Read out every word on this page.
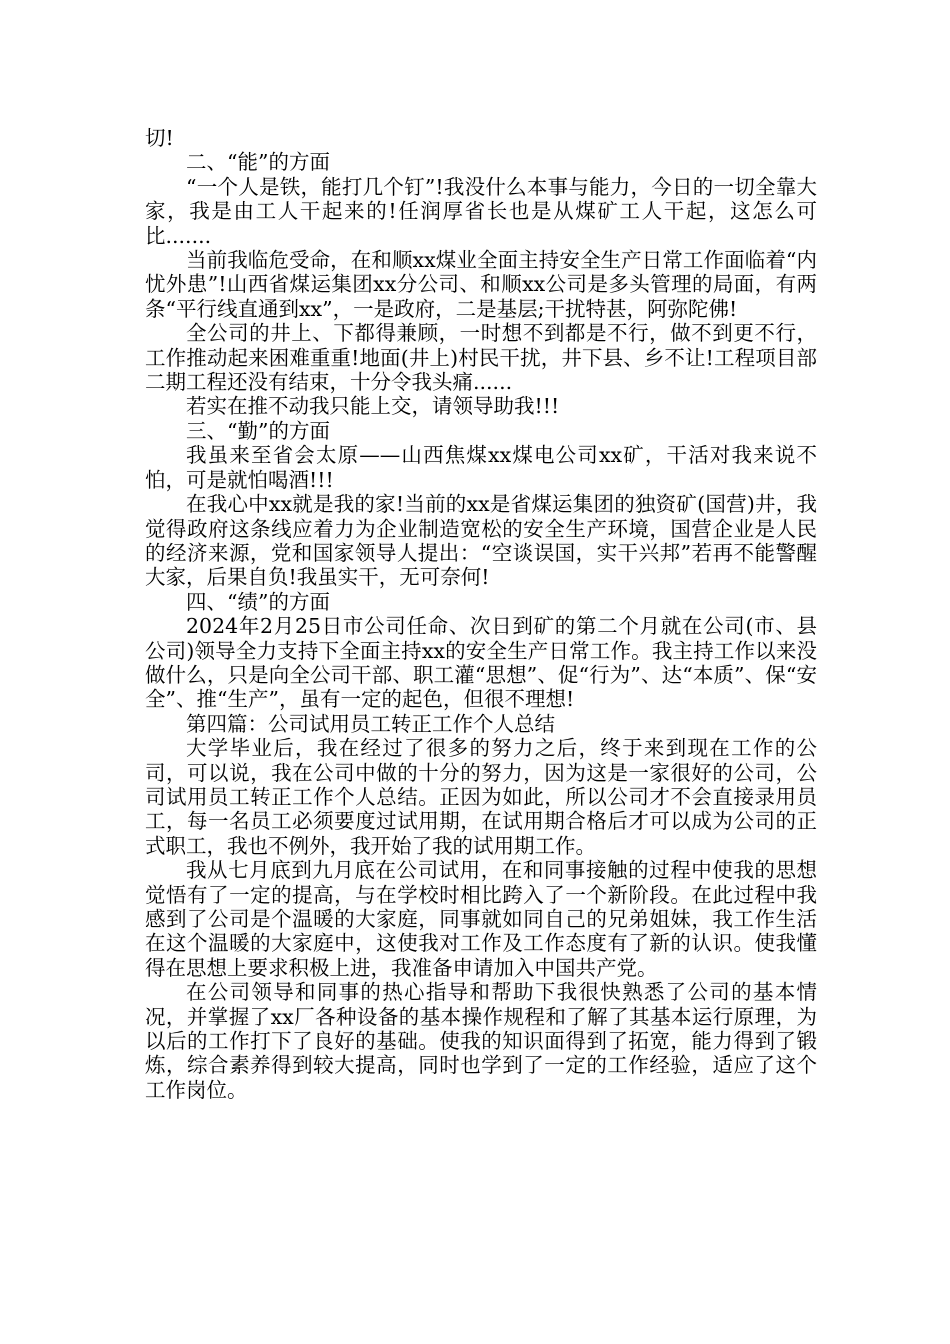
切!

二、“能”的方面

“一个人是铁，能打几个钉”!我没什么本事与能力，今日的一切全靠大家，我是由工人干起来的!任润厚省长也是从煤矿工人干起，这怎么可比.......

当前我临危受命，在和顺xx煤业全面主持安全生产日常工作面临着“内忧外患”!山西省煤运集团xx分公司、和顺xx公司是多头管理的局面，有两条“平行线直通到xx”，一是政府，二是基层;干扰特甚，阿弥陀佛!

全公司的井上、下都得兼顾，一时想不到都是不行，做不到更不行，工作推动起来困难重重!地面(井上)村民干扰，井下县、乡不让!工程项目部二期工程还没有结束，十分令我头痛......

若实在推不动我只能上交，请领导助我!!!

三、“勤”的方面

我虽来至省会太原——山西焦煤xx煤电公司xx矿，干活对我来说不怕，可是就怕喝酒!!!

在我心中xx就是我的家!当前的xx是省煤运集团的独资矿(国营)井，我觉得政府这条线应着力为企业制造宽松的安全生产环境，国营企业是人民的经济来源，党和国家领导人提出：“空谈误国，实干兴邦”若再不能警醒大家，后果自负!我虽实干，无可奈何!

四、“绩”的方面

2024年2月25日市公司任命、次日到矿的第二个月就在公司(市、县公司)领导全力支持下全面主持xx的安全生产日常工作。我主持工作以来没做什么，只是向全公司干部、职工灌“思想”、促“行为”、达“本质”、保“安全”、推“生产”，虽有一定的起色，但很不理想!

第四篇：公司试用员工转正工作个人总结

大学毕业后，我在经过了很多的努力之后，终于来到现在工作的公司，可以说，我在公司中做的十分的努力，因为这是一家很好的公司，公司试用员工转正工作个人总结。正因为如此，所以公司才不会直接录用员工，每一名员工必须要度过试用期，在试用期合格后才可以成为公司的正式职工，我也不例外，我开始了我的试用期工作。

我从七月底到九月底在公司试用，在和同事接触的过程中使我的思想觉悟有了一定的提高，与在学校时相比跨入了一个新阶段。在此过程中我感到了公司是个温暖的大家庭，同事就如同自己的兄弟姐妹，我工作生活在这个温暖的大家庭中，这使我对工作及工作态度有了新的认识。使我懂得在思想上要求积极上进，我准备申请加入中国共产党。

在公司领导和同事的热心指导和帮助下我很快熟悉了公司的基本情况，并掌握了xx厂各种设备的基本操作规程和了解了其基本运行原理，为以后的工作打下了良好的基础。使我的知识面得到了拓宽，能力得到了锻炼，综合素养得到较大提高，同时也学到了一定的工作经验，适应了这个工作岗位。
